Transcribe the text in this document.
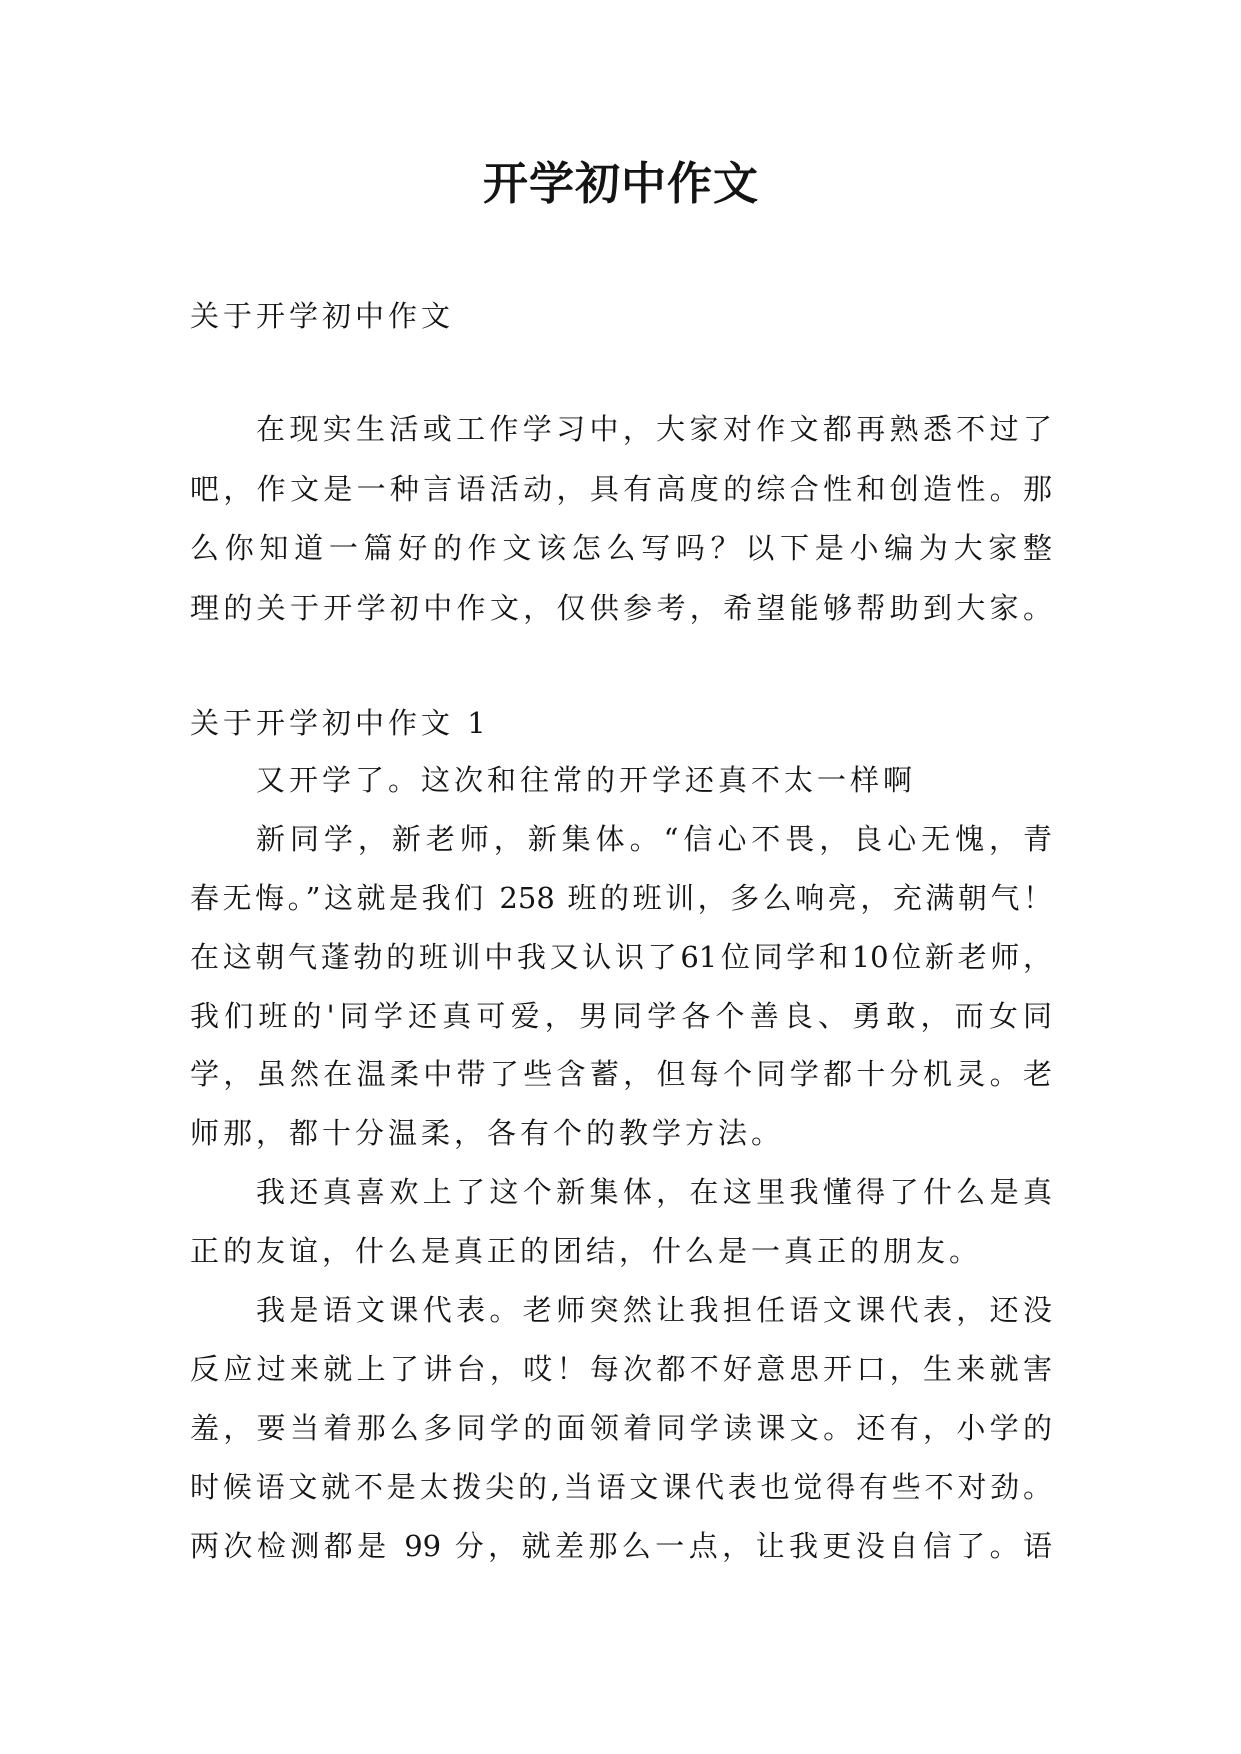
开学初中作文
关于开学初中作文
在现实生活或工作学习中，大家对作文都再熟悉不过了
吧，作文是一种言语活动，具有高度的综合性和创造性。那
么你知道一篇好的作文该怎么写吗？以下是小编为大家整
理的关于开学初中作文，仅供参考，希望能够帮助到大家。
关于开学初中作文 1
又开学了。这次和往常的开学还真不太一样啊
新同学，新老师，新集体。“信心不畏，良心无愧，青
春无悔。”这就是我们 258 班的班训，多么响亮，充满朝气！
在这朝气蓬勃的班训中我又认识了61位同学和10位新老师，
我们班的'同学还真可爱，男同学各个善良、勇敢，而女同
学，虽然在温柔中带了些含蓄，但每个同学都十分机灵。老
师那，都十分温柔，各有个的教学方法。
我还真喜欢上了这个新集体，在这里我懂得了什么是真
正的友谊，什么是真正的团结，什么是一真正的朋友。
我是语文课代表。老师突然让我担任语文课代表，还没
反应过来就上了讲台，哎！每次都不好意思开口，生来就害
羞，要当着那么多同学的面领着同学读课文。还有，小学的
时候语文就不是太拨尖的,当语文课代表也觉得有些不对劲。
两次检测都是 99 分，就差那么一点，让我更没自信了。语
